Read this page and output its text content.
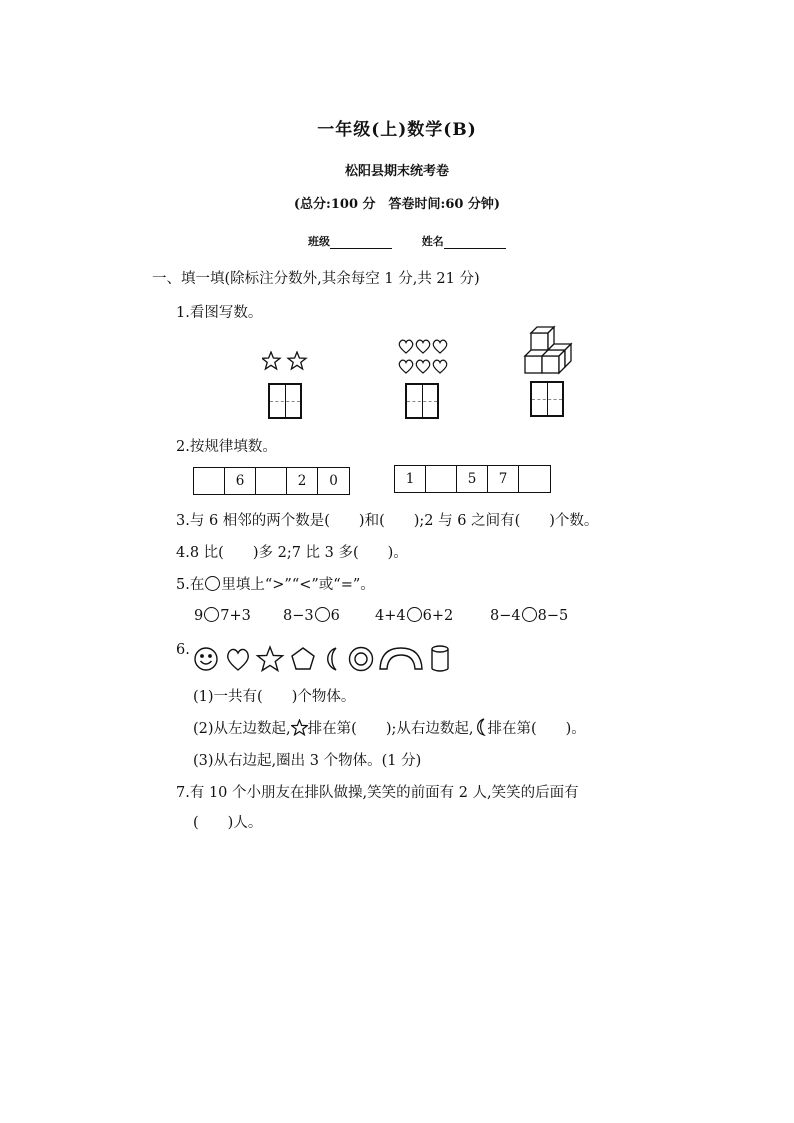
一年级(上)数学(B)
松阳县期末统考卷
(总分:100 分　答卷时间:60 分钟)
班级	姓名
一、填一填(除标注分数外,其余每空 1 分,共 21 分)
1.看图写数。
2.按规律填数。
6	2	0	1	5	7
3.与 6 相邻的两个数是(　　)和(　　);2 与 6 之间有(　　)个数。
4.8 比(　　)多 2;7 比 3 多(　　)。
5.在 里填上“>”“<”或“=”。
9 7+3 8−3 6 4+4 6+2	8−4 8−5
6.
(1)一共有(　　)个物体。
(2)从左边数起, 排在第(　　);从右边数起, 排在第(　　)。
(3)从右边起,圈出 3 个物体。(1 分)
7.有 10 个小朋友在排队做操,笑笑的前面有 2 人,笑笑的后面有
(　　)人。
